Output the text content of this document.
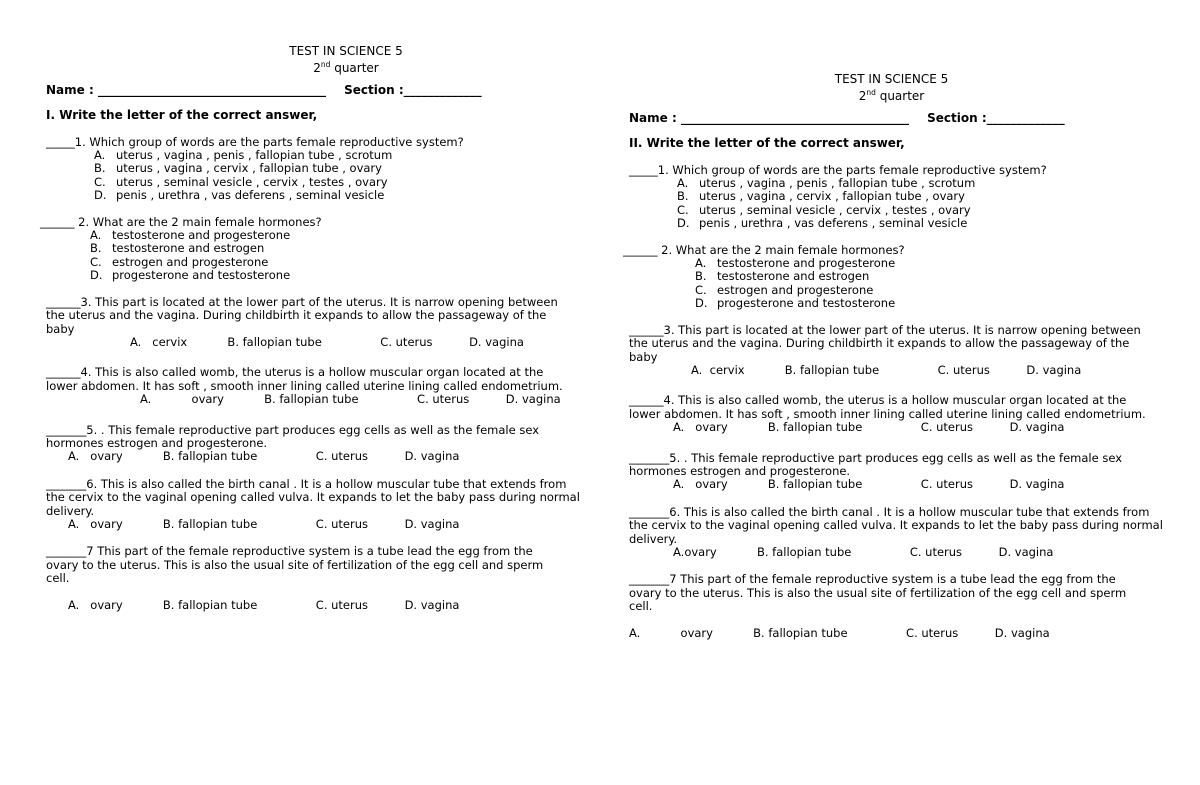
TEST IN SCIENCE 5
2nd quarter
Name : ______________________________________ Section :_____________
I. Write the letter of the correct answer,
_____1. Which group of words are the parts female reproductive system?
A. uterus , vagina , penis , fallopian tube , scrotum
B. uterus , vagina , cervix , fallopian tube , ovary
C. uterus , seminal vesicle , cervix , testes , ovary
D. penis , urethra , vas deferens , seminal vesicle
______ 2. What are the 2 main female hormones?
A. testosterone and progesterone
B. testosterone and estrogen
C. estrogen and progesterone
D. progesterone and testosterone
______3. This part is located at the lower part of the uterus. It is narrow opening between the uterus and the vagina. During childbirth it expands to allow the passageway of the baby
A.   cervix           B. fallopian tube                C. uterus          D. vagina
______4. This is also called womb, the uterus is a hollow muscular organ located at the lower abdomen. It has soft , smooth inner lining called uterine lining called endometrium.
A.           ovary           B. fallopian tube                C. uterus          D. vagina
_______5. . This female reproductive part produces egg cells as well as the female sex hormones estrogen and progesterone.
A.   ovary           B. fallopian tube                C. uterus          D. vagina
_______6. This is also called the birth canal . It is a hollow muscular tube that extends from the cervix to the vaginal opening called vulva. It expands to let the baby pass during normal delivery.
A.   ovary           B. fallopian tube                C. uterus          D. vagina
_______7 This part of the female reproductive system is a tube lead the egg from the ovary to the uterus. This is also the usual site of fertilization of the egg cell and sperm cell.
A.   ovary           B. fallopian tube                C. uterus          D. vagina
TEST IN SCIENCE 5
2nd quarter
Name : ______________________________________ Section :_____________
II. Write the letter of the correct answer,
_____1. Which group of words are the parts female reproductive system?
A. uterus , vagina , penis , fallopian tube , scrotum
B. uterus , vagina , cervix , fallopian tube , ovary
C. uterus , seminal vesicle , cervix , testes , ovary
D. penis , urethra , vas deferens , seminal vesicle
______ 2. What are the 2 main female hormones?
A. testosterone and progesterone
B. testosterone and estrogen
C. estrogen and progesterone
D. progesterone and testosterone
______3. This part is located at the lower part of the uterus. It is narrow opening between the uterus and the vagina. During childbirth it expands to allow the passageway of the baby
A.  cervix           B. fallopian tube                C. uterus          D. vagina
______4. This is also called womb, the uterus is a hollow muscular organ located at the lower abdomen. It has soft , smooth inner lining called uterine lining called endometrium.
A.   ovary           B. fallopian tube                C. uterus          D. vagina
_______5. . This female reproductive part produces egg cells as well as the female sex hormones estrogen and progesterone.
A.   ovary           B. fallopian tube                C. uterus          D. vagina
_______6. This is also called the birth canal . It is a hollow muscular tube that extends from the cervix to the vaginal opening called vulva. It expands to let the baby pass during normal delivery.
A.ovary           B. fallopian tube                C. uterus          D. vagina
_______7 This part of the female reproductive system is a tube lead the egg from the ovary to the uterus. This is also the usual site of fertilization of the egg cell and sperm cell.
A.           ovary           B. fallopian tube                C. uterus          D. vagina
